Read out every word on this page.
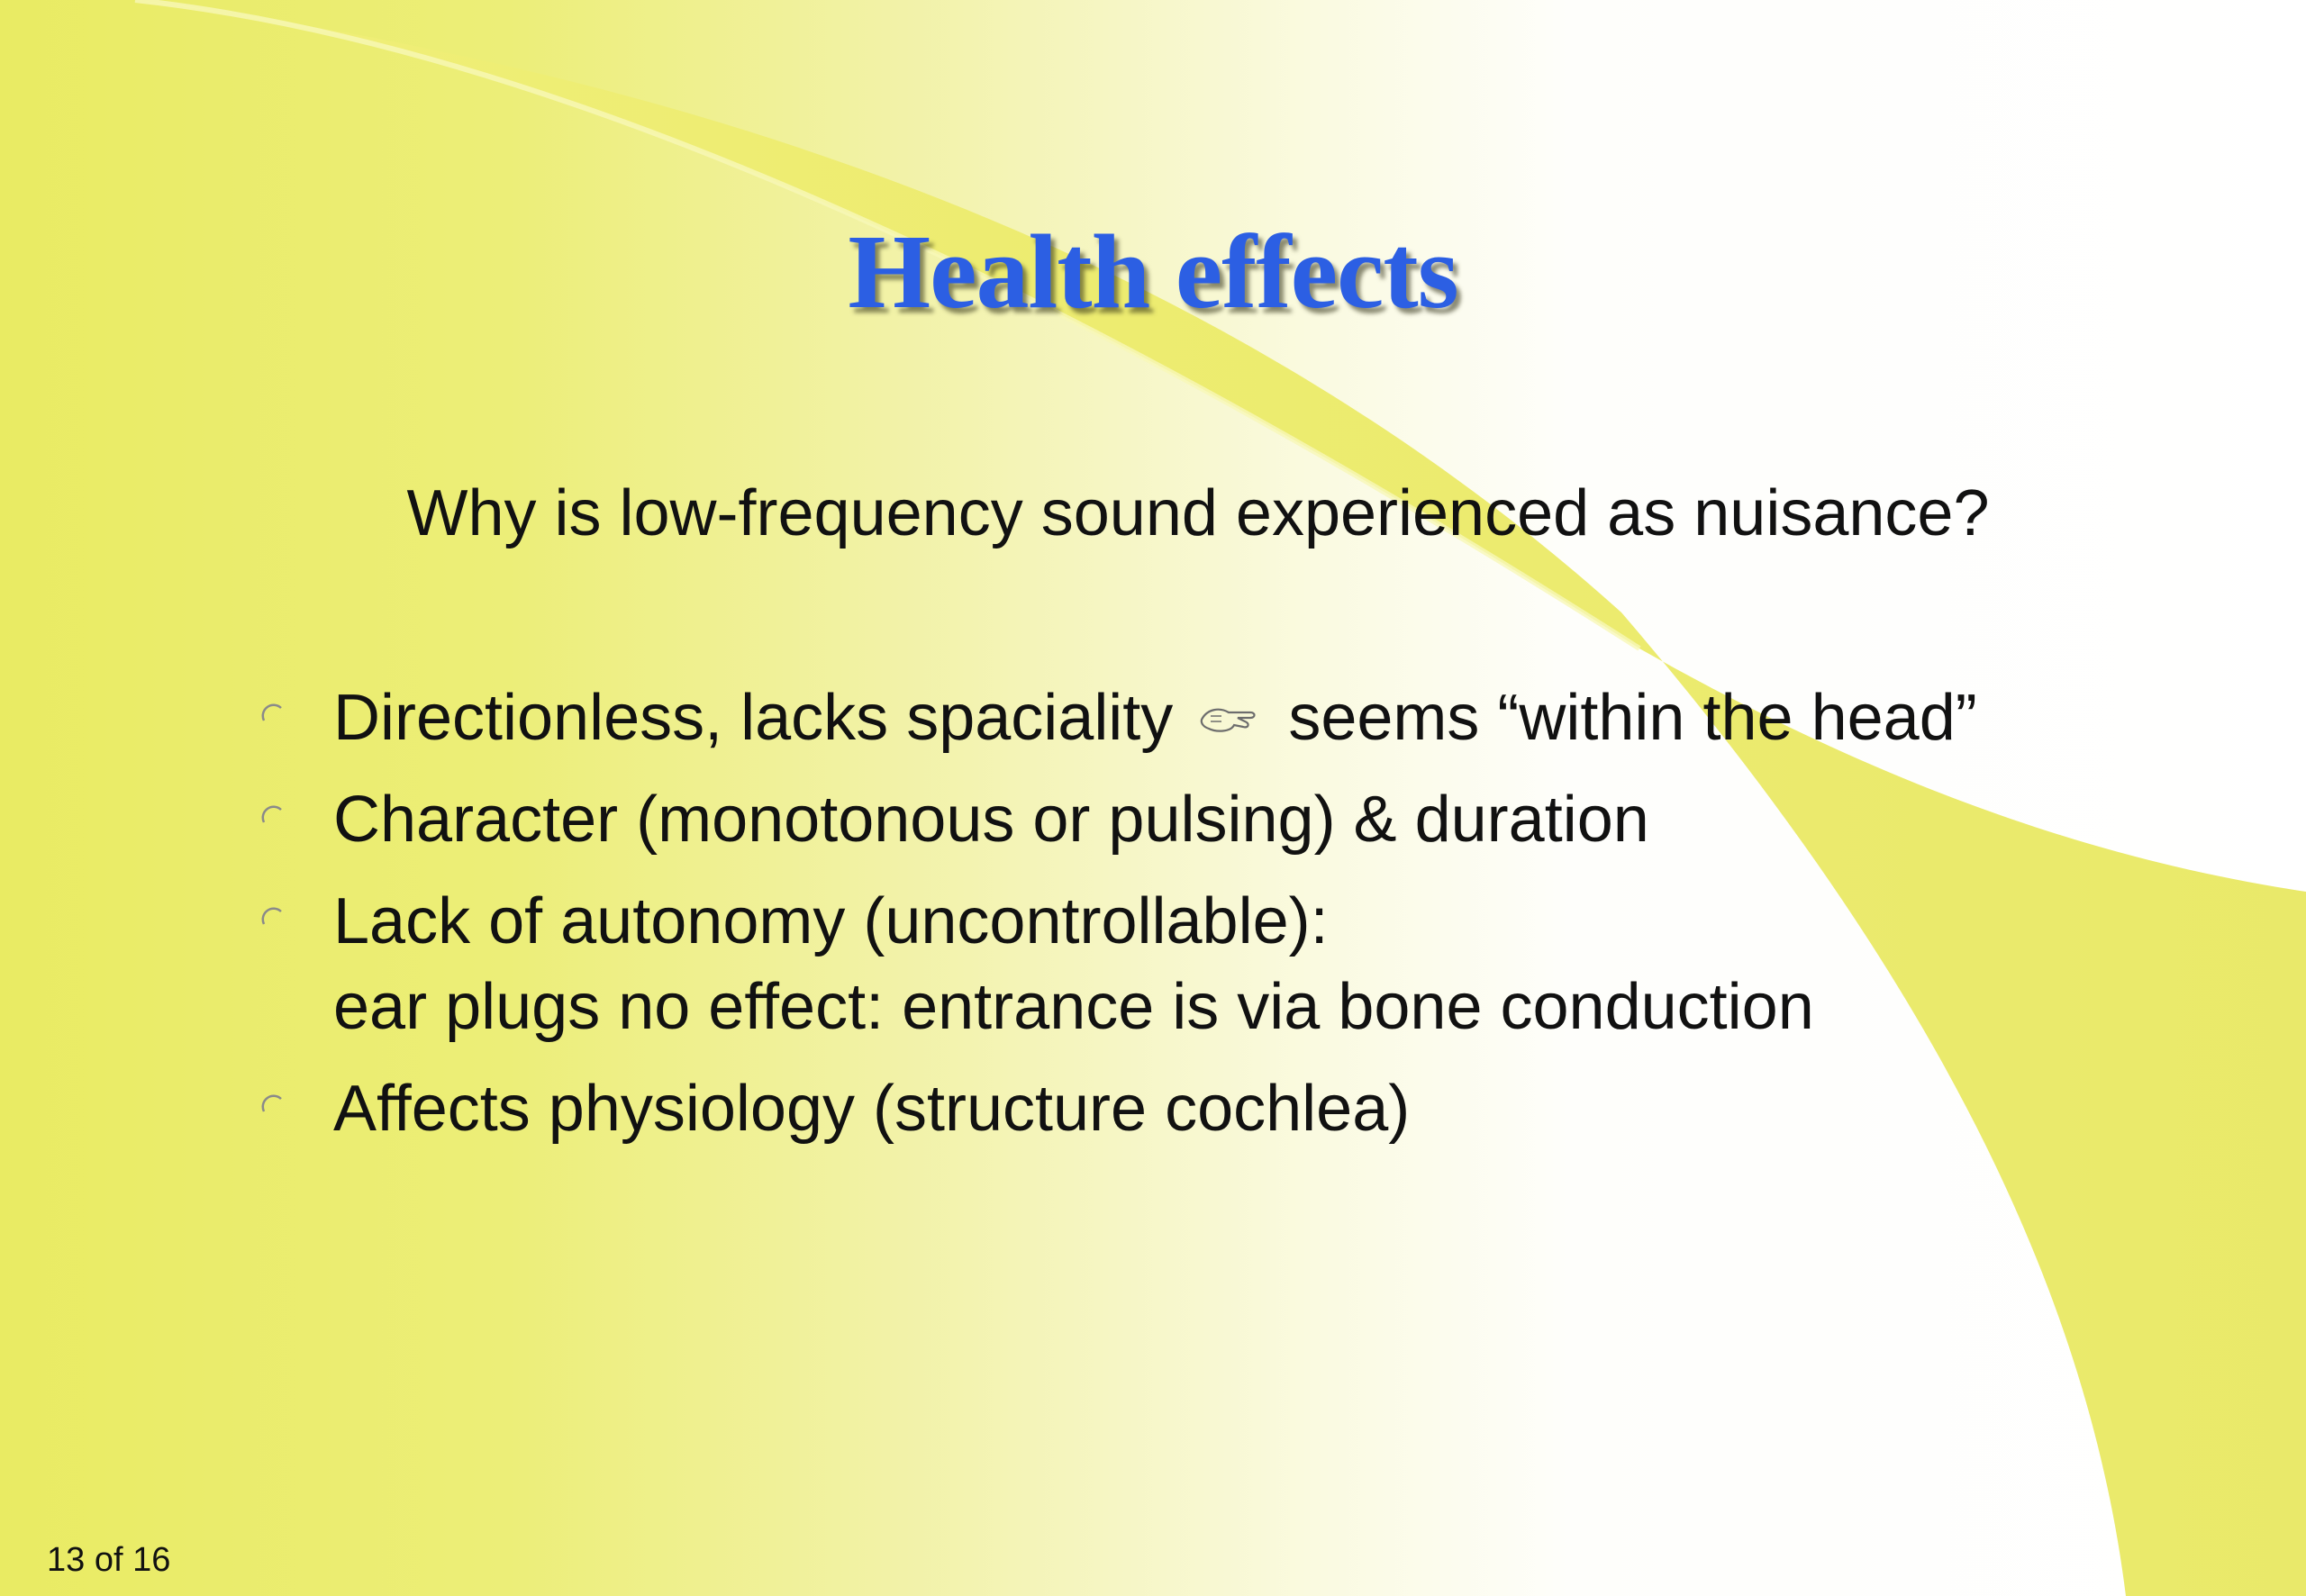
Health effects
Why is low-frequency sound experienced as nuisance?
Directionless, lacks spaciality seems “within the head”
Character (monotonous or pulsing) & duration
Lack of autonomy (uncontrollable):
ear plugs no effect: entrance is via bone conduction
Affects physiology (structure cochlea)
13 of 16
